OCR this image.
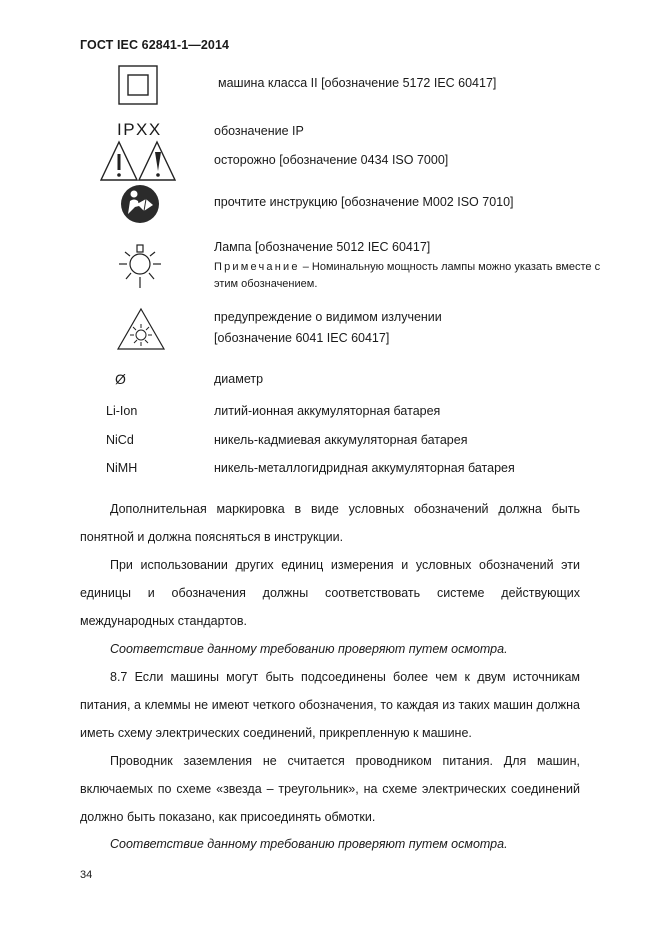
ГОСТ IEC 62841-1—2014
машина класса II [обозначение 5172 IEC 60417]
IPXX	обозначение IP
осторожно [обозначение 0434 ISO 7000]
прочтите инструкцию [обозначение M002 ISO 7010]
Лампа [обозначение 5012 IEC 60417]
Примечание – Номинальную мощность лампы можно указать вместе с этим обозначением.
предупреждение о видимом излучении
[обозначение 6041 IEC 60417]
Ø	диаметр
Li-Ion	литий-ионная аккумуляторная батарея
NiCd	никель-кадмиевая аккумуляторная батарея
NiMH	никель-металлогидридная аккумуляторная батарея
Дополнительная маркировка в виде условных обозначений должна быть понятной и должна поясняться в инструкции.
При использовании других единиц измерения и условных обозначений эти единицы и обозначения должны соответствовать системе действующих международных стандартов.
Соответствие данному требованию проверяют путем осмотра.
8.7 Если машины могут быть подсоединены более чем к двум источникам питания, а клеммы не имеют четкого обозначения, то каждая из таких машин должна иметь схему электрических соединений, прикрепленную к машине.
Проводник заземления не считается проводником питания. Для машин, включаемых по схеме «звезда – треугольник», на схеме электрических соединений должно быть показано, как присоединять обмотки.
Соответствие данному требованию проверяют путем осмотра.
34
